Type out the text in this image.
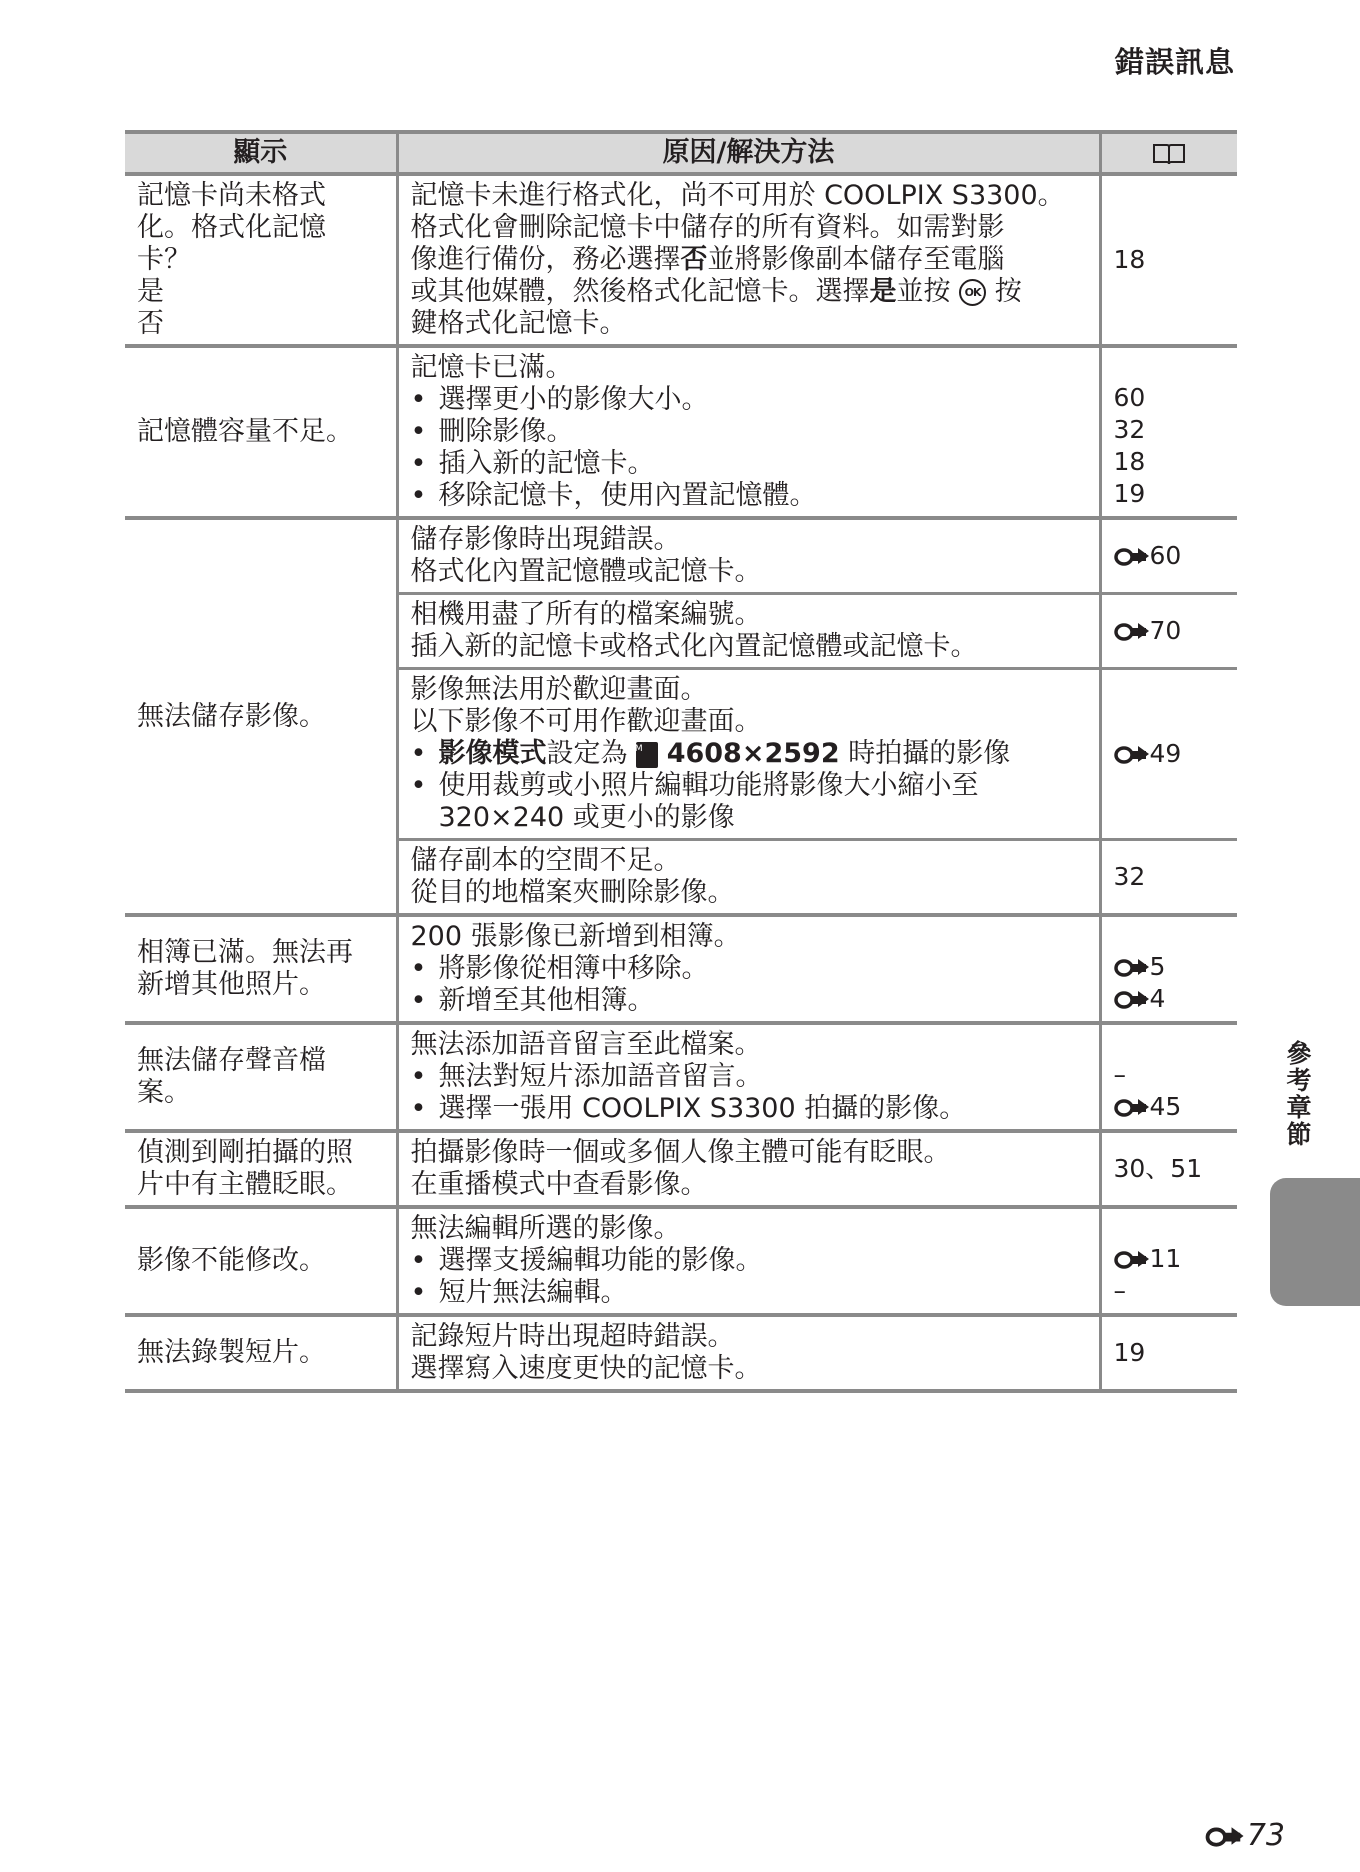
錯誤訊息
顯示	原因/解決方法	

記憶卡尚未格式
化。格式化記憶
卡？
是
否	記憶卡未進行格式化，尚不可用於 COOLPIX S3300。
格式化會刪除記憶卡中儲存的所有資料。如需對影
像進行備份，務必選擇否並將影像副本儲存至電腦
或其他媒體，然後格式化記憶卡。選擇是並按 OK 按
鍵格式化記憶卡。	18
記憶體容量不足。	記憶卡已滿。
• 選擇更小的影像大小。
• 刪除影像。
• 插入新的記憶卡。
• 移除記憶卡，使用內置記憶體。	60
32
18
19

無法儲存影像。	儲存影像時出現錯誤。
格式化內置記憶體或記憶卡。	60

	相機用盡了所有的檔案編號。
插入新的記憶卡或格式化內置記憶體或記憶卡。	70

	影像無法用於歡迎畫面。
以下影像不可用作歡迎畫面。
• 影像模式設定為 16M 4608×2592 時拍攝的影像
• 使用裁剪或小照片編輯功能將影像大小縮小至
320×240 或更小的影像	49

	儲存副本的空間不足。
從目的地檔案夾刪除影像。	32

相簿已滿。無法再
新增其他照片。	200 張影像已新增到相簿。
• 將影像從相簿中移除。
• 新增至其他相簿。	5
4

無法儲存聲音檔
案。	無法添加語音留言至此檔案。
• 無法對短片添加語音留言。
• 選擇一張用 COOLPIX S3300 拍攝的影像。	–
45

偵測到剛拍攝的照
片中有主體眨眼。	拍攝影像時一個或多個人像主體可能有眨眼。
在重播模式中查看影像。	30、51
影像不能修改。	無法編輯所選的影像。
• 選擇支援編輯功能的影像。
• 短片無法編輯。	11
–

無法錄製短片。	記錄短片時出現超時錯誤。
選擇寫入速度更快的記憶卡。	19
參考章節
73
